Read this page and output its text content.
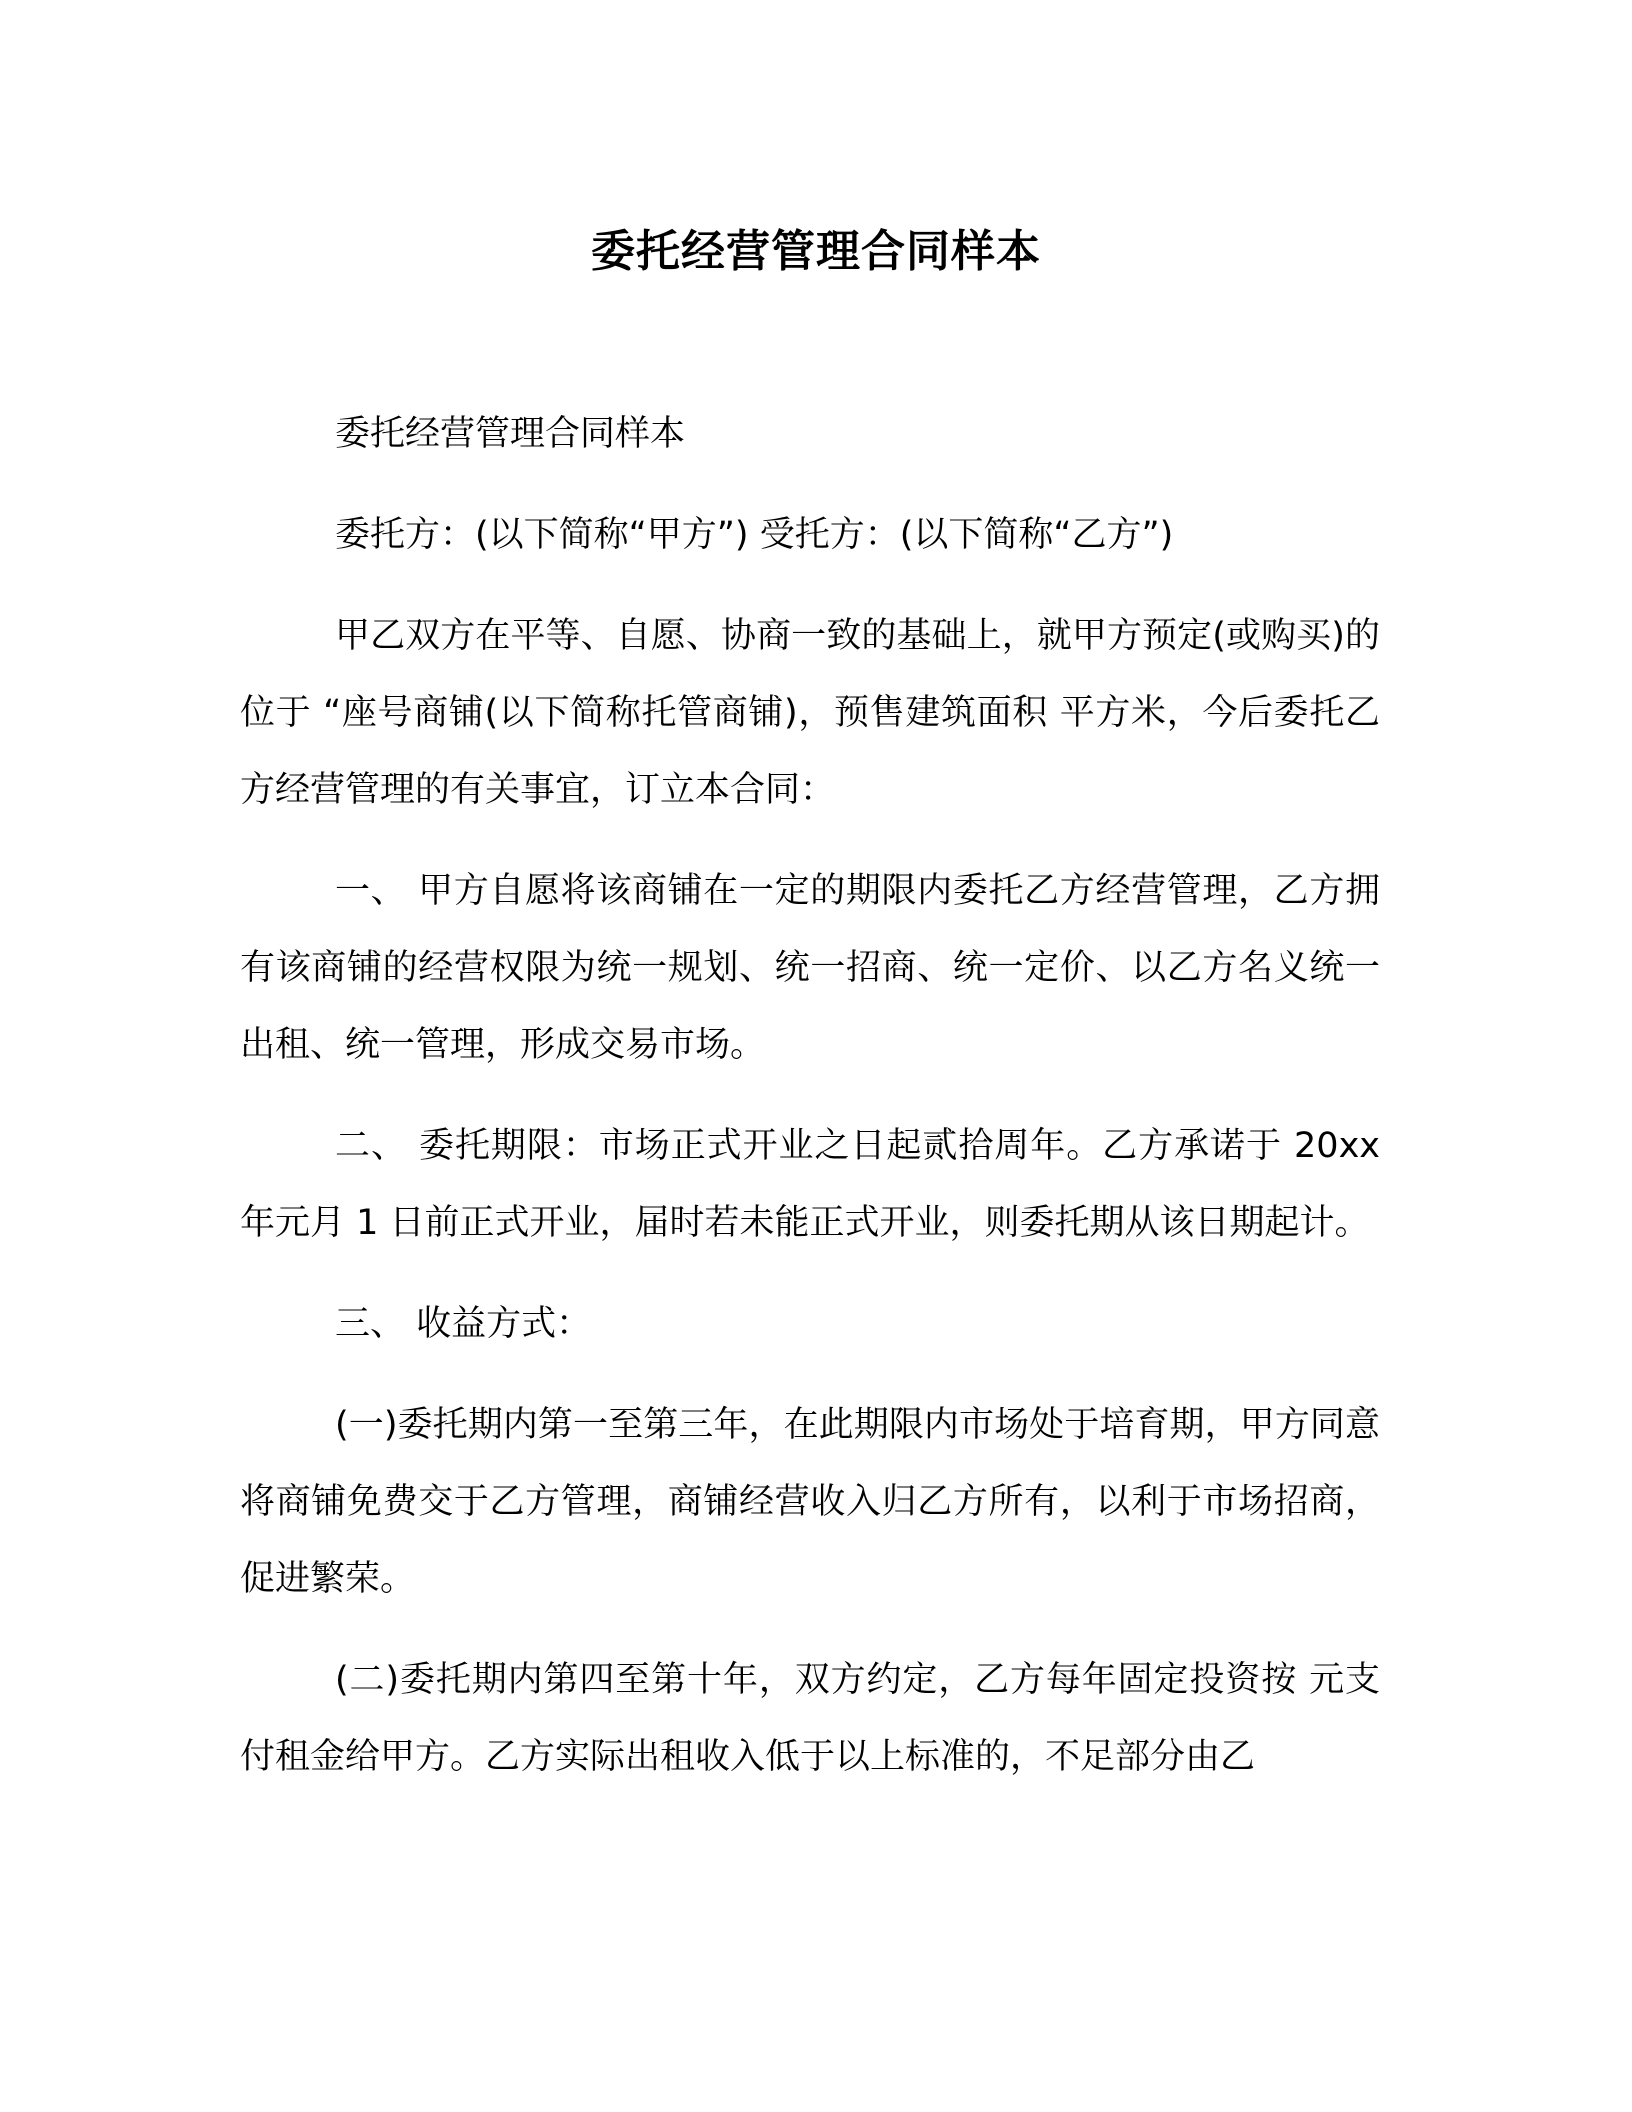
委托经营管理合同样本

委托经营管理合同样本

委托方：(以下简称“甲方”) 受托方：(以下简称“乙方”)

甲乙双方在平等、自愿、协商一致的基础上，就甲方预定(或购买)的位于 “座号商铺(以下简称托管商铺)，预售建筑面积 平方米，今后委托乙方经营管理的有关事宜，订立本合同：

一、 甲方自愿将该商铺在一定的期限内委托乙方经营管理，乙方拥有该商铺的经营权限为统一规划、统一招商、统一定价、以乙方名义统一出租、统一管理，形成交易市场。

二、 委托期限：市场正式开业之日起贰拾周年。乙方承诺于 20xx 年元月 1 日前正式开业，届时若未能正式开业，则委托期从该日期起计。

三、 收益方式：

(一)委托期内第一至第三年，在此期限内市场处于培育期，甲方同意将商铺免费交于乙方管理，商铺经营收入归乙方所有，以利于市场招商，促进繁荣。

(二)委托期内第四至第十年，双方约定，乙方每年固定投资按 元支付租金给甲方。乙方实际出租收入低于以上标准的，不足部分由乙
